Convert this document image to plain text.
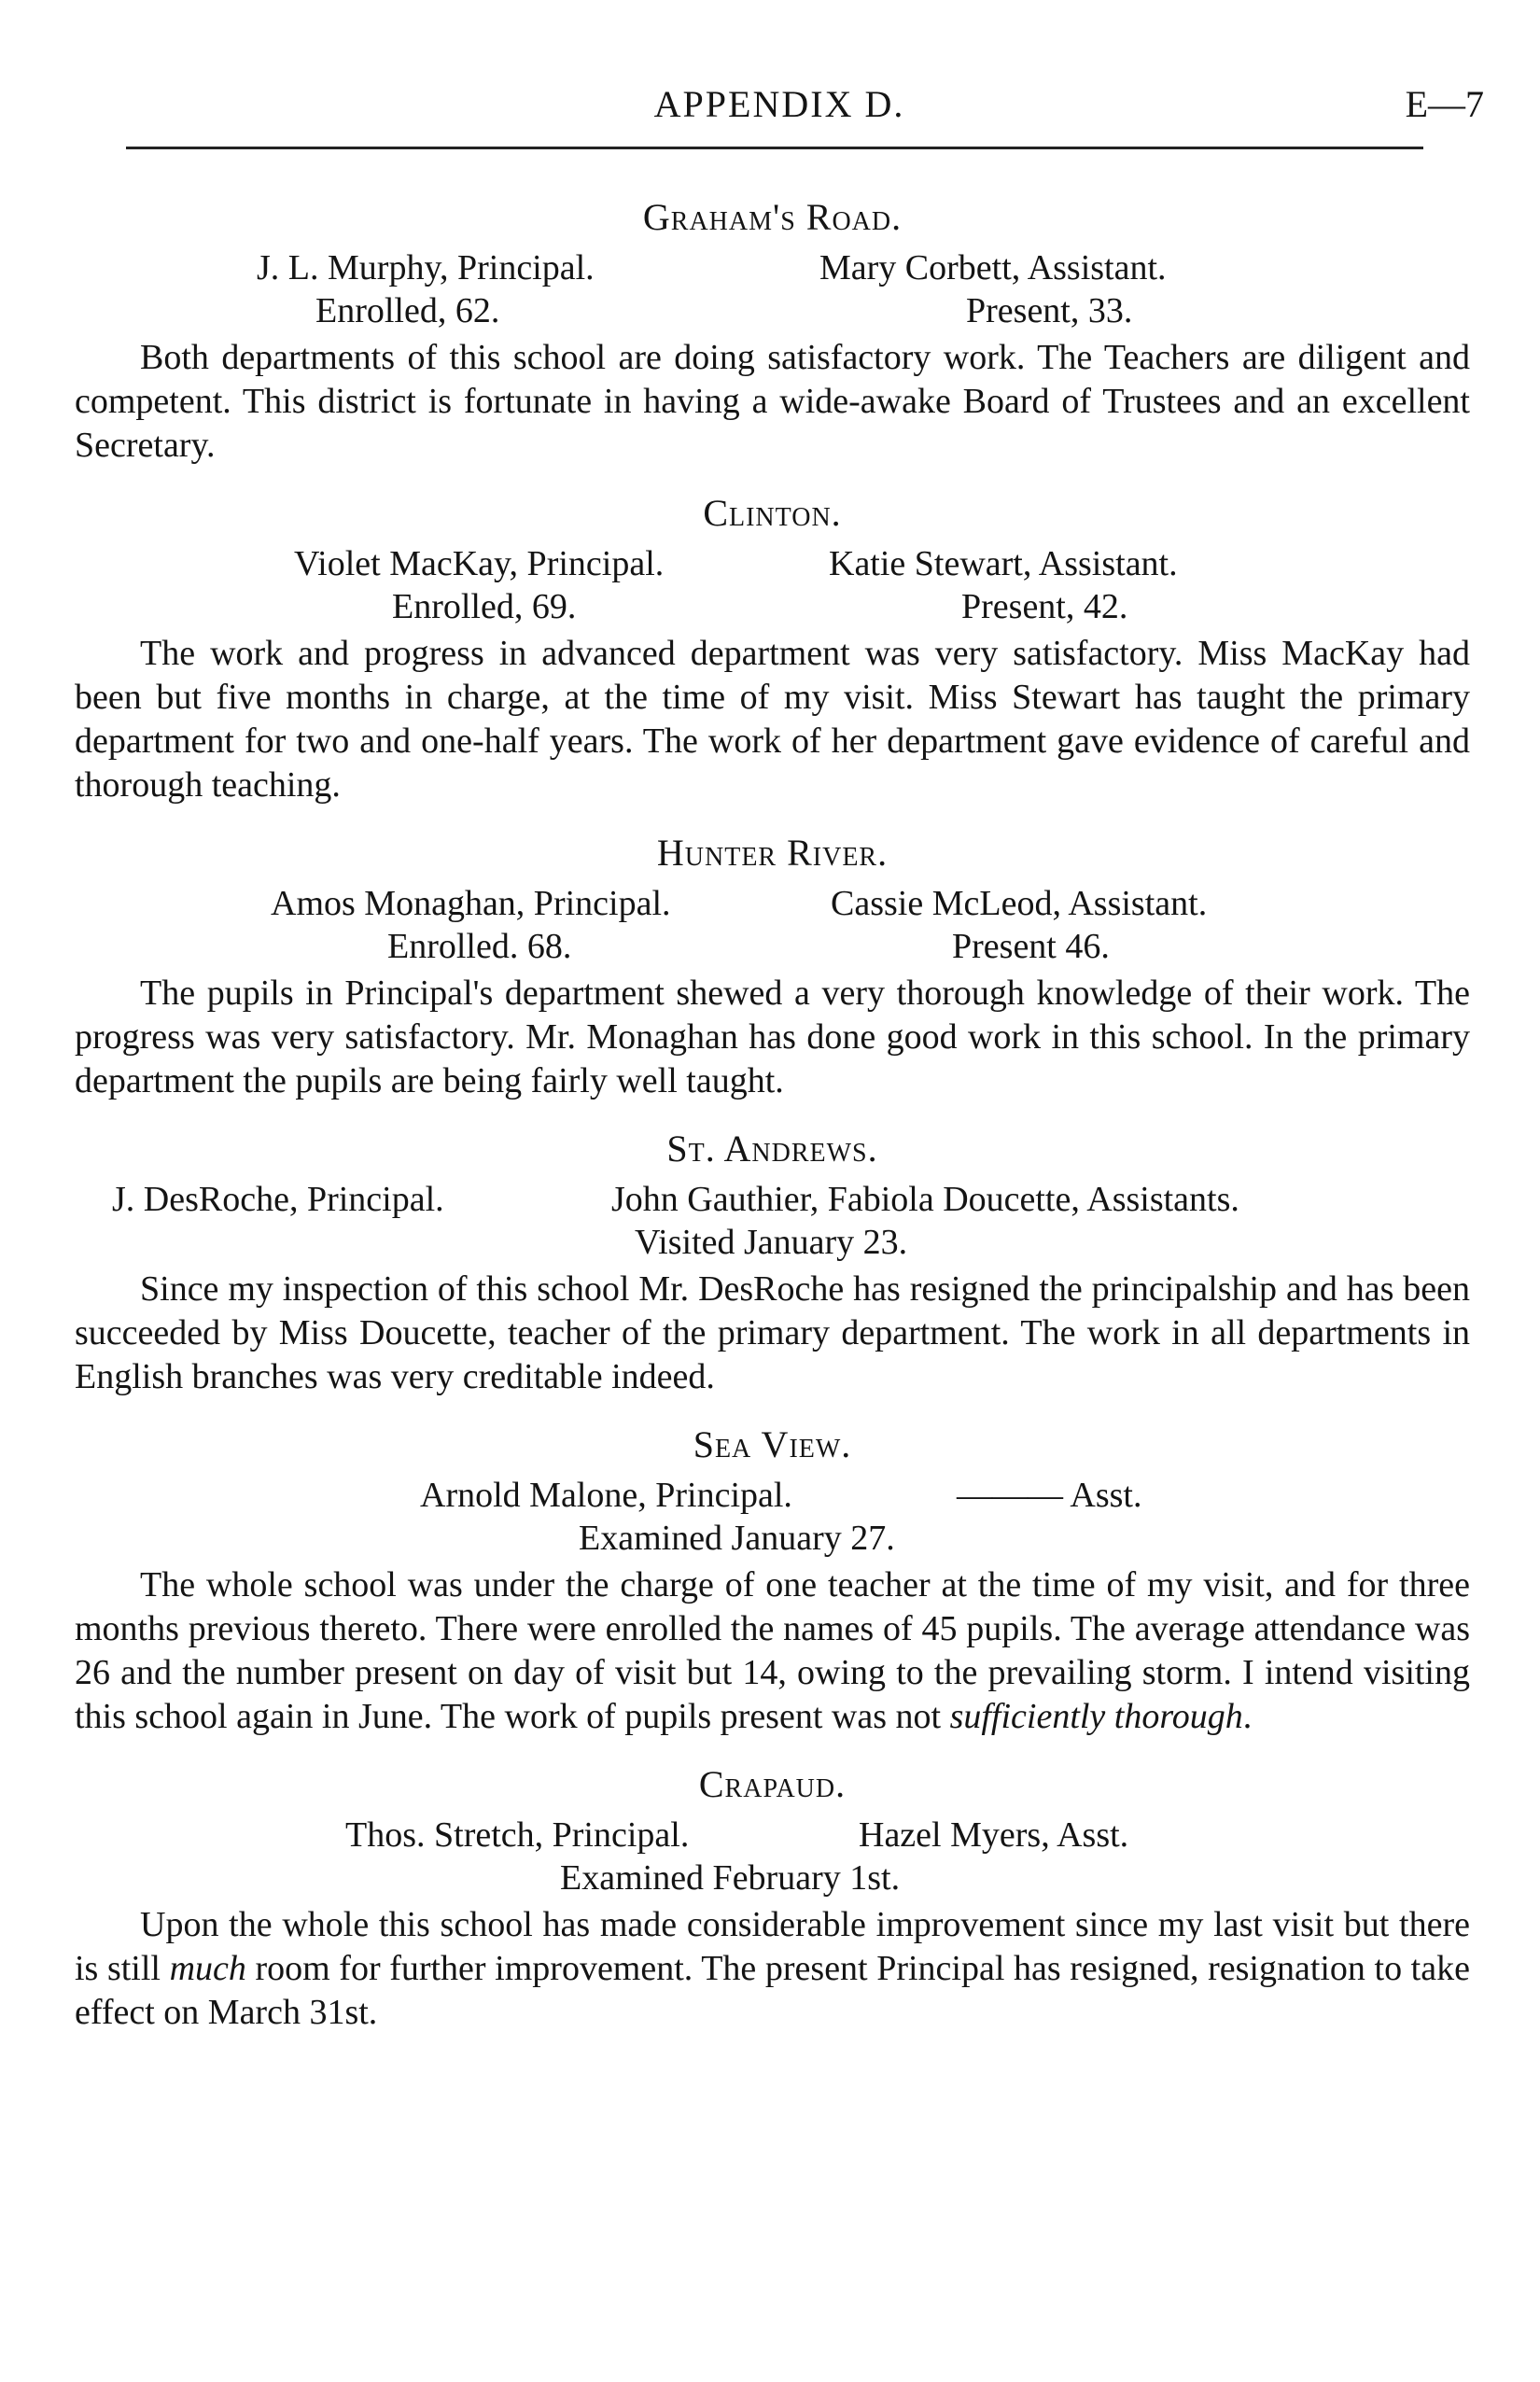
APPENDIX D.	E—7
Graham's Road.
J. L. Murphy, Principal.	Mary Corbett, Assistant.
Enrolled, 62.	Present, 33.
Both departments of this school are doing satisfactory work. The Teachers are diligent and competent. This district is fortunate in having a wide-awake Board of Trustees and an excellent Secretary.
Clinton.
Violet MacKay, Principal.	Katie Stewart, Assistant.
Enrolled, 69.	Present, 42.
The work and progress in advanced department was very satisfactory. Miss MacKay had been but five months in charge, at the time of my visit. Miss Stewart has taught the primary department for two and one-half years. The work of her department gave evidence of careful and thorough teaching.
Hunter River.
Amos Monaghan, Principal.	Cassie McLeod, Assistant.
Enrolled. 68.	Present 46.
The pupils in Principal's department shewed a very thorough knowledge of their work. The progress was very satisfactory. Mr. Monaghan has done good work in this school. In the primary department the pupils are being fairly well taught.
St. Andrews.
J. DesRoche, Principal.	John Gauthier, Fabiola Doucette, Assistants.
Visited January 23.
Since my inspection of this school Mr. DesRoche has resigned the principalship and has been succeeded by Miss Doucette, teacher of the primary department. The work in all departments in English branches was very creditable indeed.
Sea View.
Arnold Malone, Principal.	——— Asst.
Examined January 27.
The whole school was under the charge of one teacher at the time of my visit, and for three months previous thereto. There were enrolled the names of 45 pupils. The average attendance was 26 and the number present on day of visit but 14, owing to the prevailing storm. I intend visiting this school again in June. The work of pupils present was not sufficiently thorough.
Crapaud.
Thos. Stretch, Principal.	Hazel Myers, Asst.
Examined February 1st.
Upon the whole this school has made considerable improvement since my last visit but there is still much room for further improvement. The present Principal has resigned, resignation to take effect on March 31st.
